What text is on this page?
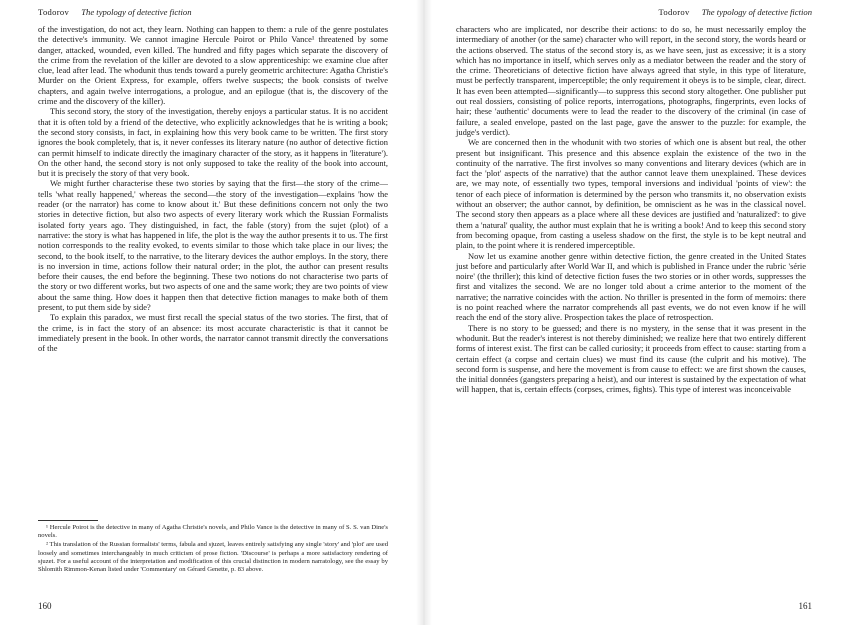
Todorov The typology of detective fiction

of the investigation, do not act, they learn. Nothing can happen to them: a rule of the genre postulates the detective's immunity. We cannot imagine Hercule Poirot or Philo Vance¹ threatened by some danger, attacked, wounded, even killed. The hundred and fifty pages which separate the discovery of the crime from the revelation of the killer are devoted to a slow apprenticeship: we examine clue after clue, lead after lead. The whodunit thus tends toward a purely geometric architecture: Agatha Christie's Murder on the Orient Express, for example, offers twelve suspects; the book consists of twelve chapters, and again twelve interrogations, a prologue, and an epilogue (that is, the discovery of the crime and the discovery of the killer).

This second story, the story of the investigation, thereby enjoys a particular status. It is no accident that it is often told by a friend of the detective, who explicitly acknowledges that he is writing a book; the second story consists, in fact, in explaining how this very book came to be written. The first story ignores the book completely, that is, it never confesses its literary nature (no author of detective fiction can permit himself to indicate directly the imaginary character of the story, as it happens in 'literature'). On the other hand, the second story is not only supposed to take the reality of the book into account, but it is precisely the story of that very book.

We might further characterise these two stories by saying that the first—the story of the crime—tells 'what really happened,' whereas the second—the story of the investigation—explains 'how the reader (or the narrator) has come to know about it.' But these definitions concern not only the two stories in detective fiction, but also two aspects of every literary work which the Russian Formalists isolated forty years ago. They distinguished, in fact, the fable (story) from the sujet (plot) of a narrative: the story is what has happened in life, the plot is the way the author presents it to us. The first notion corresponds to the reality evoked, to events similar to those which take place in our lives; the second, to the book itself, to the narrative, to the literary devices the author employs. In the story, there is no inversion in time, actions follow their natural order; in the plot, the author can present results before their causes, the end before the beginning. These two notions do not characterise two parts of the story or two different works, but two aspects of one and the same work; they are two points of view about the same thing. How does it happen then that detective fiction manages to make both of them present, to put them side by side?

To explain this paradox, we must first recall the special status of the two stories. The first, that of the crime, is in fact the story of an absence: its most accurate characteristic is that it cannot be immediately present in the book. In other words, the narrator cannot transmit directly the conversations of the

¹ Hercule Poirot is the detective in many of Agatha Christie's novels, and Philo Vance is the detective in many of S. S. van Dine's novels.

² This translation of the Russian formalists' terms, fabula and sjuzet, leaves entirely satisfying any single 'story' and 'plot' are used loosely and sometimes interchangeably in much criticism of prose fiction. 'Discourse' is perhaps a more satisfactory rendering of sjuzet. For a useful account of the interpretation and modification of this crucial distinction in modern narratology, see the essay by Shlomith Rimmon-Kenan listed under 'Commentary' on Gérard Genette, p. 83 above.

160
Todorov The typology of detective fiction

characters who are implicated, nor describe their actions: to do so, he must necessarily employ the intermediary of another (or the same) character who will report, in the second story, the words heard or the actions observed. The status of the second story is, as we have seen, just as excessive; it is a story which has no importance in itself, which serves only as a mediator between the reader and the story of the crime. Theoreticians of detective fiction have always agreed that style, in this type of literature, must be perfectly transparent, imperceptible; the only requirement it obeys is to be simple, clear, direct. It has even been attempted—significantly—to suppress this second story altogether. One publisher put out real dossiers, consisting of police reports, interrogations, photographs, fingerprints, even locks of hair; these 'authentic' documents were to lead the reader to the discovery of the criminal (in case of failure, a sealed envelope, pasted on the last page, gave the answer to the puzzle: for example, the judge's verdict).

We are concerned then in the whodunit with two stories of which one is absent but real, the other present but insignificant. This presence and this absence explain the existence of the two in the continuity of the narrative. The first involves so many conventions and literary devices (which are in fact the 'plot' aspects of the narrative) that the author cannot leave them unexplained. These devices are, we may note, of essentially two types, temporal inversions and individual 'points of view': the tenor of each piece of information is determined by the person who transmits it, no observation exists without an observer; the author cannot, by definition, be omniscient as he was in the classical novel. The second story then appears as a place where all these devices are justified and 'naturalized': to give them a 'natural' quality, the author must explain that he is writing a book! And to keep this second story from becoming opaque, from casting a useless shadow on the first, the style is to be kept neutral and plain, to the point where it is rendered imperceptible.

Now let us examine another genre within detective fiction, the genre created in the United States just before and particularly after World War II, and which is published in France under the rubric 'série noire' (the thriller); this kind of detective fiction fuses the two stories or in other words, suppresses the first and vitalizes the second. We are no longer told about a crime anterior to the moment of the narrative; the narrative coincides with the action. No thriller is presented in the form of memoirs: there is no point reached where the narrator comprehends all past events, we do not even know if he will reach the end of the story alive. Prospection takes the place of retrospection.

There is no story to be guessed; and there is no mystery, in the sense that it was present in the whodunit. But the reader's interest is not thereby diminished; we realize here that two entirely different forms of interest exist. The first can be called curiosity; it proceeds from effect to cause: starting from a certain effect (a corpse and certain clues) we must find its cause (the culprit and his motive). The second form is suspense, and here the movement is from cause to effect: we are first shown the causes, the initial données (gangsters preparing a heist), and our interest is sustained by the expectation of what will happen, that is, certain effects (corpses, crimes, fights). This type of interest was inconceivable

161
